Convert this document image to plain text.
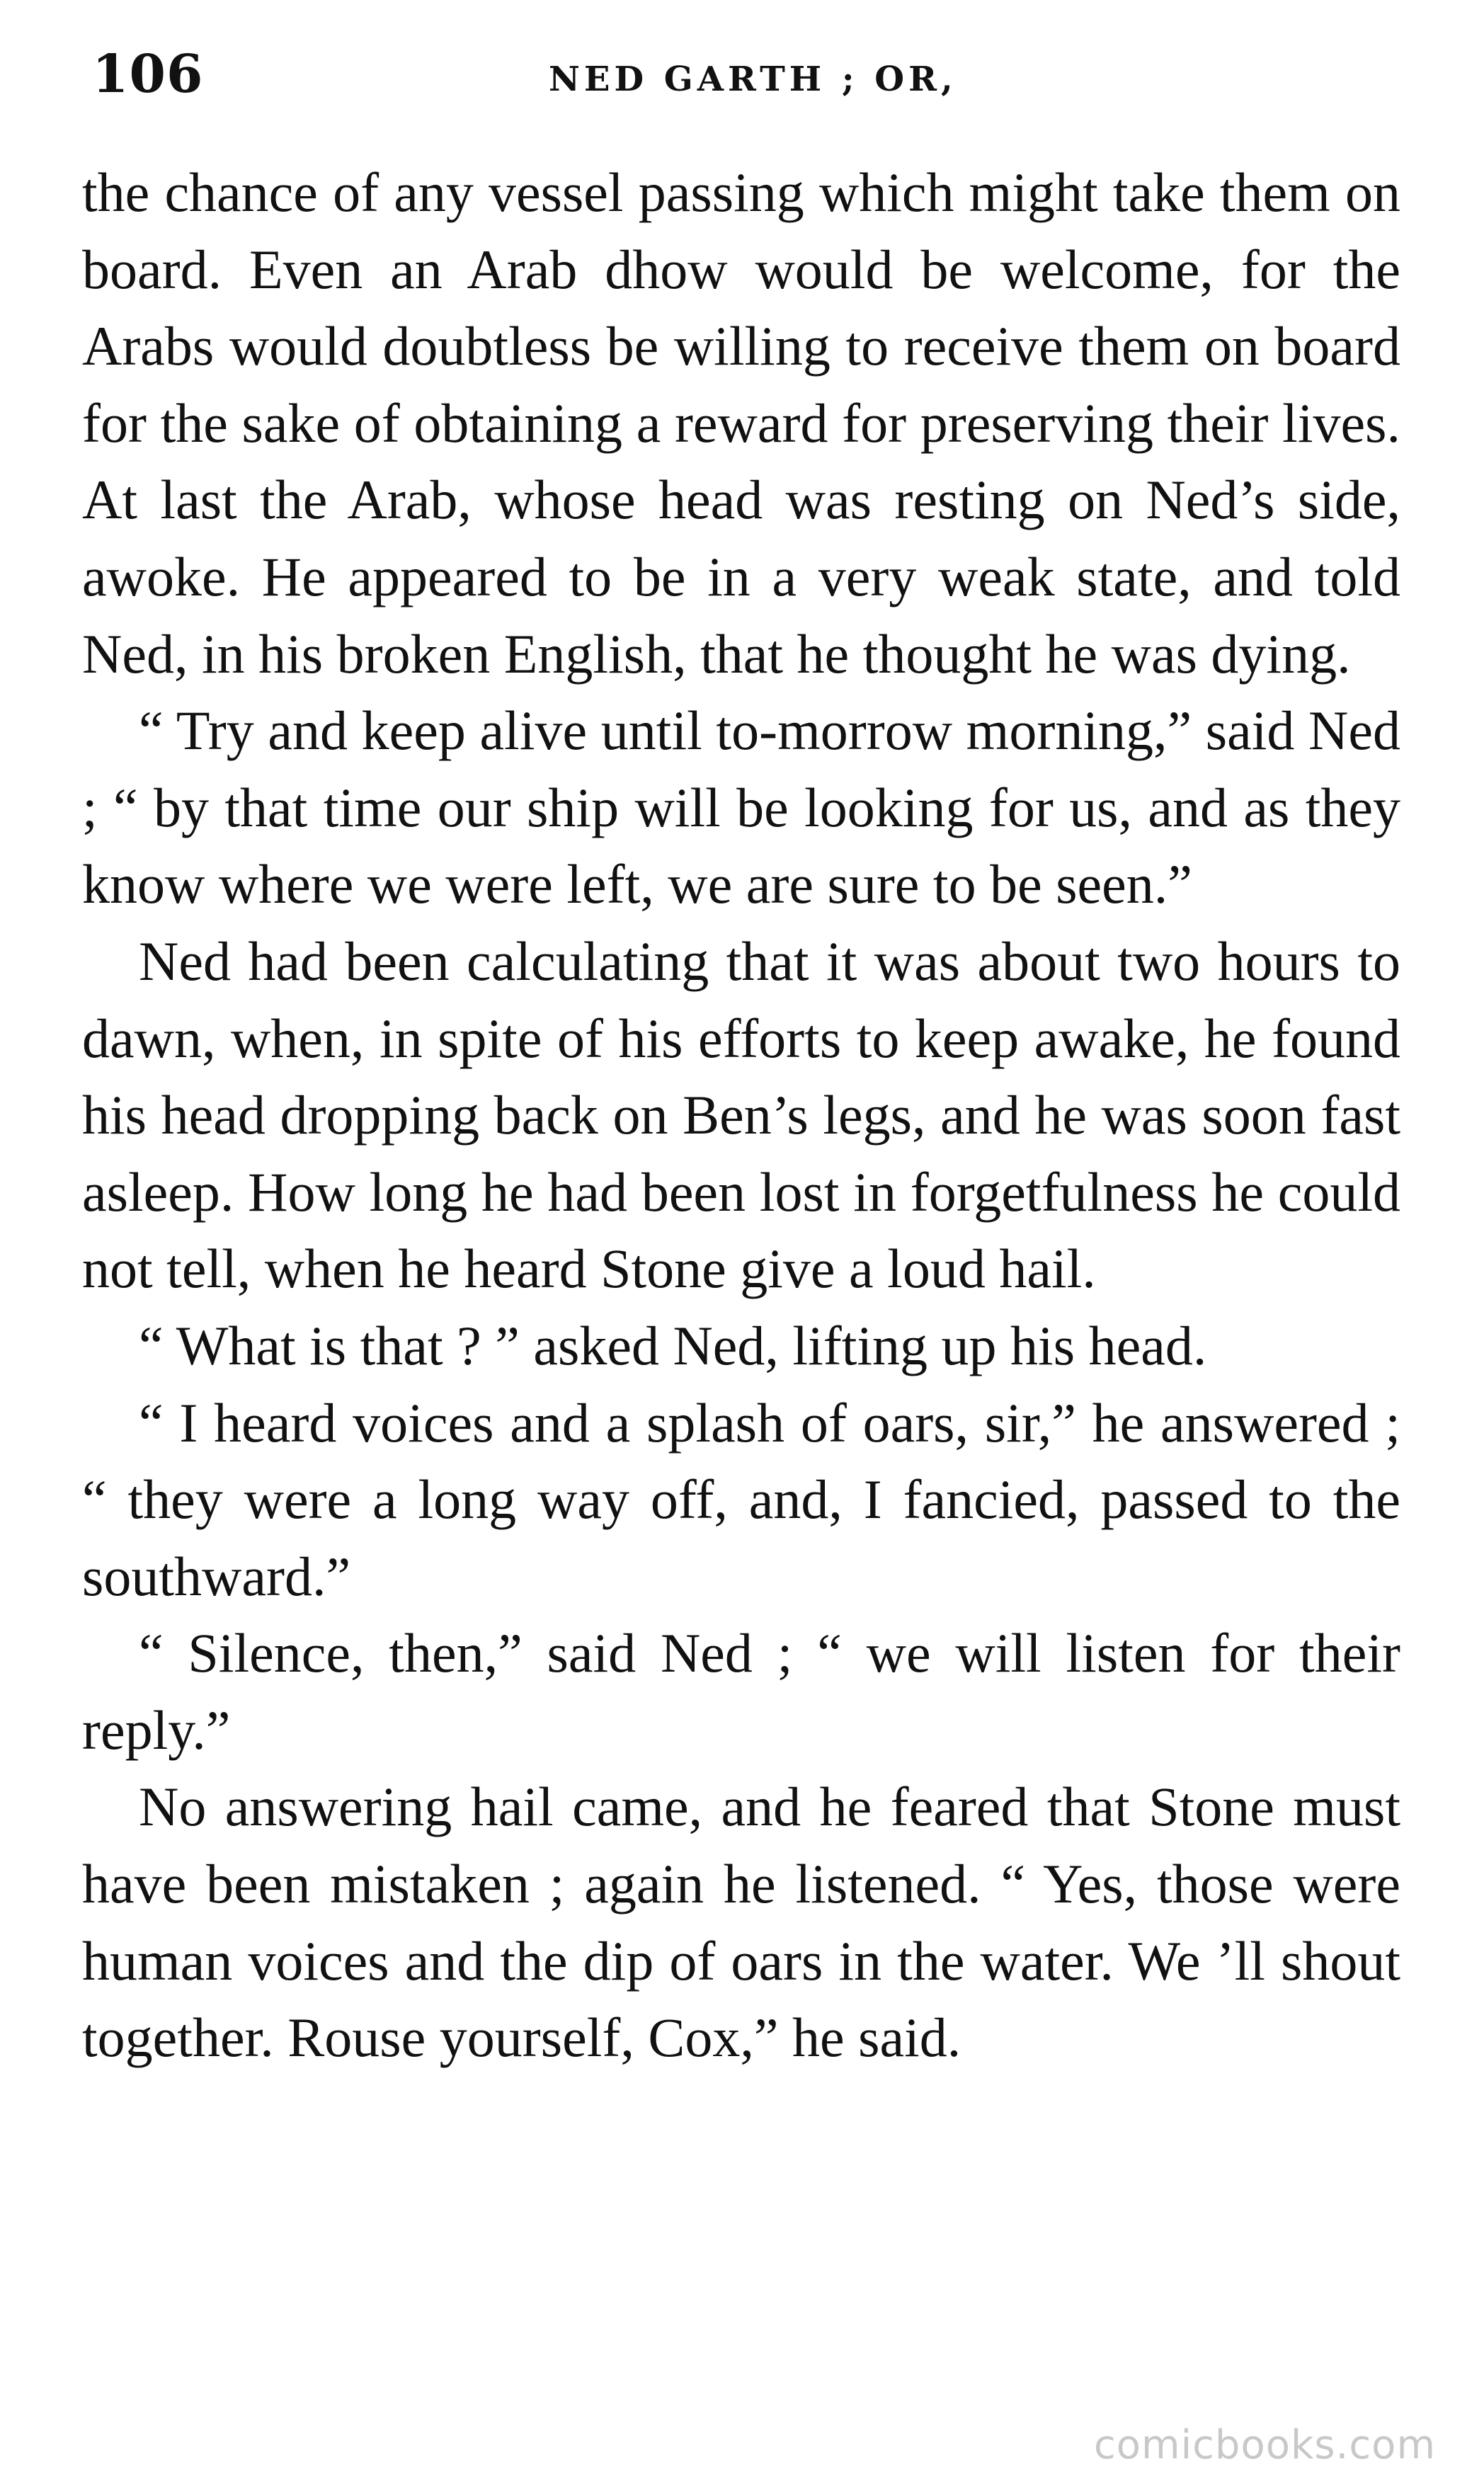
106	NED GARTH ; OR,

the chance of any vessel passing which might take them on board. Even an Arab dhow would be welcome, for the Arabs would doubtless be willing to receive them on board for the sake of obtaining a reward for preserving their lives. At last the Arab, whose head was resting on Ned’s side, awoke. He appeared to be in a very weak state, and told Ned, in his broken English, that he thought he was dying.

“ Try and keep alive until to-morrow morning,” said Ned ; “ by that time our ship will be looking for us, and as they know where we were left, we are sure to be seen.”

Ned had been calculating that it was about two hours to dawn, when, in spite of his efforts to keep awake, he found his head dropping back on Ben’s legs, and he was soon fast asleep. How long he had been lost in forgetfulness he could not tell, when he heard Stone give a loud hail.

“ What is that ? ” asked Ned, lifting up his head.

“ I heard voices and a splash of oars, sir,” he answered ; “ they were a long way off, and, I fancied, passed to the southward.”

“ Silence, then,” said Ned ; “ we will listen for their reply.”

No answering hail came, and he feared that Stone must have been mistaken ; again he listened. “ Yes, those were human voices and the dip of oars in the water. We ’ll shout together. Rouse yourself, Cox,” he said.

comicbooks.com
